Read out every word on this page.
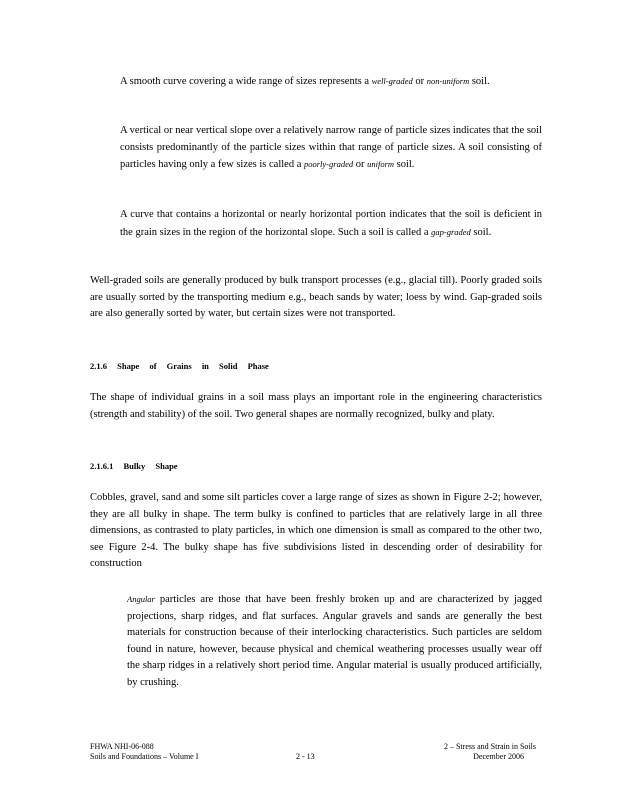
A smooth curve covering a wide range of sizes represents a well-graded or non-uniform soil.
A vertical or near vertical slope over a relatively narrow range of particle sizes indicates that the soil consists predominantly of the particle sizes within that range of particle sizes. A soil consisting of particles having only a few sizes is called a poorly-graded or uniform soil.
A curve that contains a horizontal or nearly horizontal portion indicates that the soil is deficient in the grain sizes in the region of the horizontal slope. Such a soil is called a gap-graded soil.
Well-graded soils are generally produced by bulk transport processes (e.g., glacial till). Poorly graded soils are usually sorted by the transporting medium e.g., beach sands by water; loess by wind. Gap-graded soils are also generally sorted by water, but certain sizes were not transported.
2.1.6 Shape of Grains in Solid Phase
The shape of individual grains in a soil mass plays an important role in the engineering characteristics (strength and stability) of the soil. Two general shapes are normally recognized, bulky and platy.
2.1.6.1 Bulky Shape
Cobbles, gravel, sand and some silt particles cover a large range of sizes as shown in Figure 2-2; however, they are all bulky in shape. The term bulky is confined to particles that are relatively large in all three dimensions, as contrasted to platy particles, in which one dimension is small as compared to the other two, see Figure 2-4. The bulky shape has five subdivisions listed in descending order of desirability for construction
Angular particles are those that have been freshly broken up and are characterized by jagged projections, sharp ridges, and flat surfaces. Angular gravels and sands are generally the best materials for construction because of their interlocking characteristics. Such particles are seldom found in nature, however, because physical and chemical weathering processes usually wear off the sharp ridges in a relatively short period time. Angular material is usually produced artificially, by crushing.
FHWA NHI-06-088
Soils and Foundations – Volume I	2 - 13
2 – Stress and Strain in Soils
December 2006
